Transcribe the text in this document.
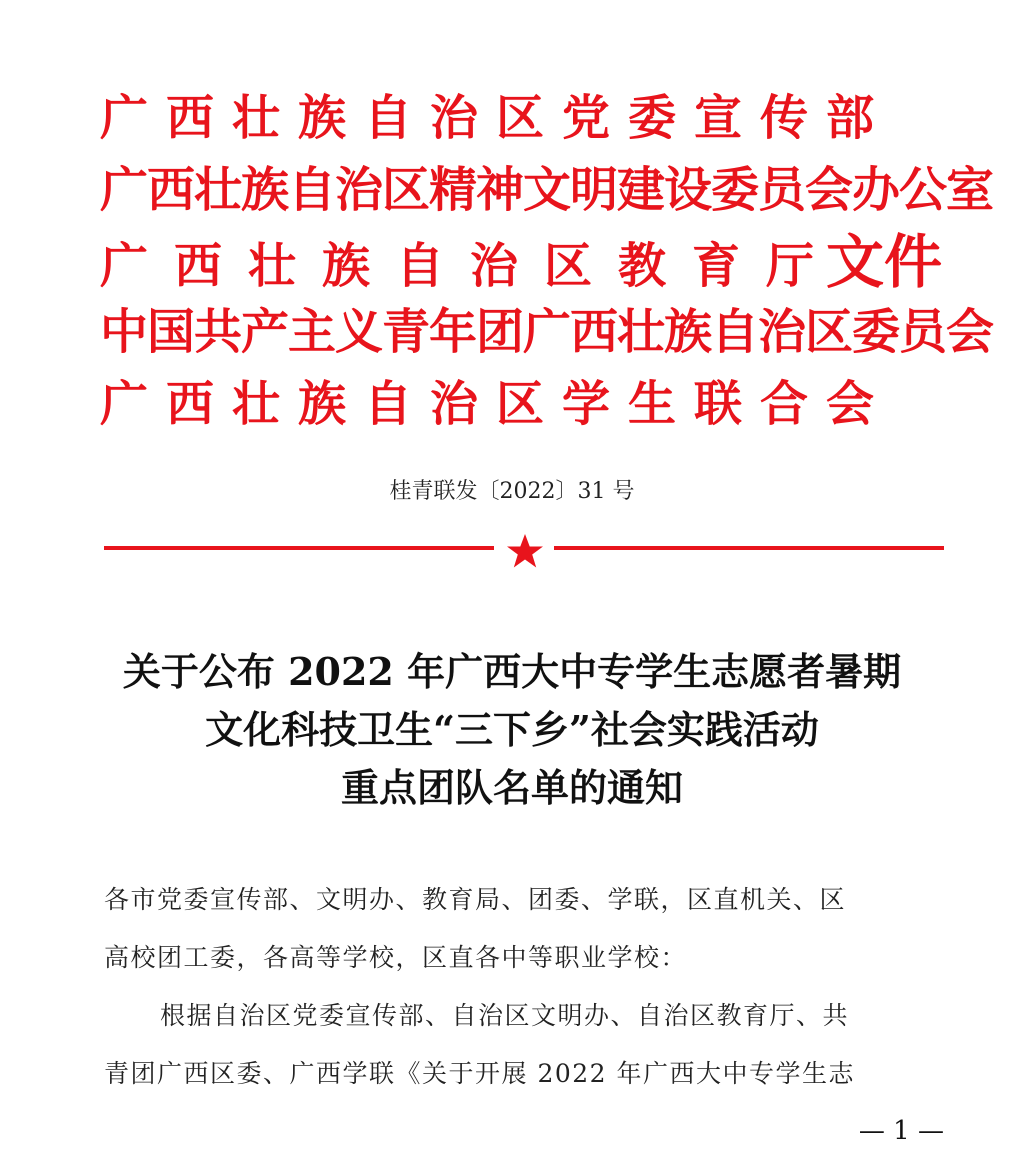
广西壮族自治区党委宣传部
广西壮族自治区精神文明建设委员会办公室
广西壮族自治区教育厅文件
中国共产主义青年团广西壮族自治区委员会
广西壮族自治区学生联合会
桂青联发〔2022〕31 号
关于公布 2022 年广西大中专学生志愿者暑期
文化科技卫生“三下乡”社会实践活动
重点团队名单的通知
各市党委宣传部、文明办、教育局、团委、学联，区直机关、区
高校团工委，各高等学校，区直各中等职业学校：
根据自治区党委宣传部、自治区文明办、自治区教育厅、共
青团广西区委、广西学联《关于开展 2022 年广西大中专学生志
— 1 —
